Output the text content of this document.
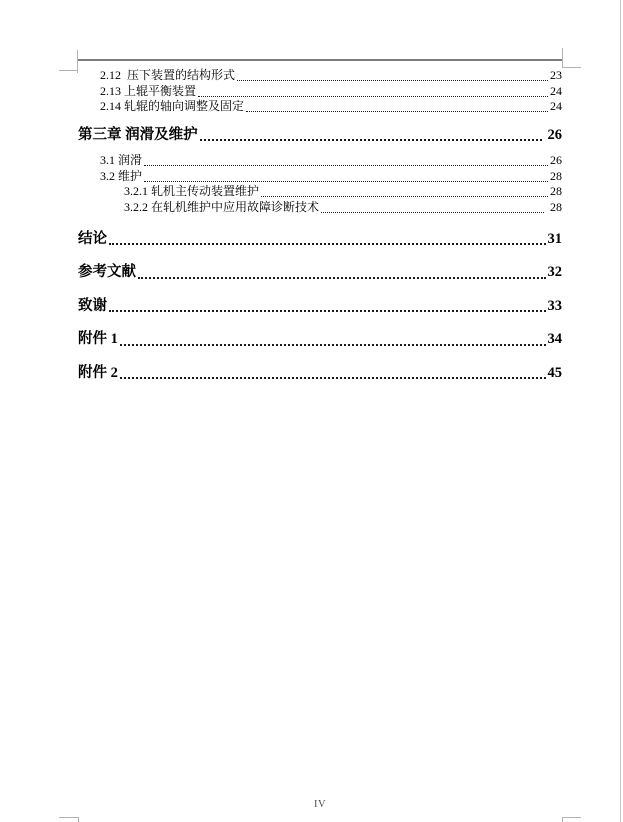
2.12  压下装置的结构形式	23
2.13 上辊平衡装置	24
2.14 轧辊的轴向调整及固定	24
第三章 润滑及维护	26
3.1 润滑	26
3.2 维护	28
3.2.1 轧机主传动装置维护	28
3.2.2 在轧机维护中应用故障诊断技术	28
结论	31
参考文献	32
致谢	33
附件 1	34
附件 2	45
IV
